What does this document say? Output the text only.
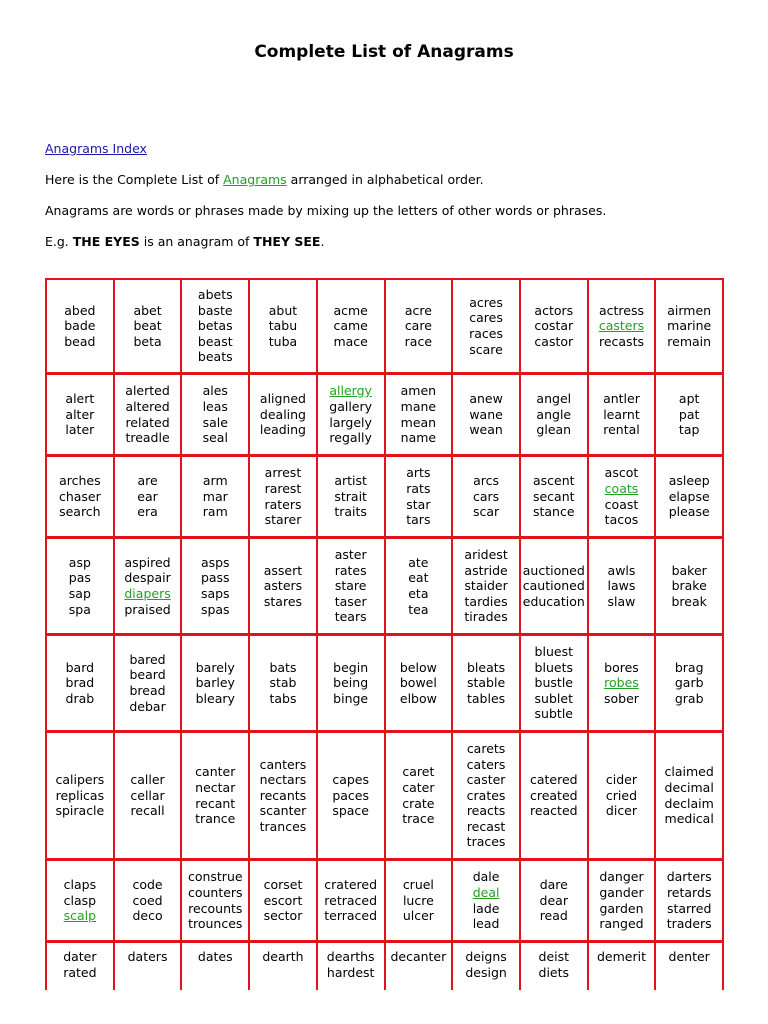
Complete List of Anagrams
Anagrams Index
Here is the Complete List of Anagrams arranged in alphabetical order.
Anagrams are words or phrases made by mixing up the letters of other words or phrases.
E.g. THE EYES is an anagram of THEY SEE.
abed
bade
bead
abet
beat
beta
abets
baste
betas
beast
beats
abut
tabu
tuba
acme
came
mace
acre
care
race
acres
cares
races
scare
actors
costar
castor
actress
casters
recasts
airmen
marine
remain
alert
alter
later
alerted
altered
related
treadle
ales
leas
sale
seal
aligned
dealing
leading
allergy
gallery
largely
regally
amen
mane
mean
name
anew
wane
wean
angel
angle
glean
antler
learnt
rental
apt
pat
tap
arches
chaser
search
are
ear
era
arm
mar
ram
arrest
rarest
raters
starer
artist
strait
traits
arts
rats
star
tars
arcs
cars
scar
ascent
secant
stance
ascot
coats
coast
tacos
asleep
elapse
please
asp
pas
sap
spa
aspired
despair
diapers
praised
asps
pass
saps
spas
assert
asters
stares
aster
rates
stare
taser
tears
ate
eat
eta
tea
aridest
astride
staider
tardies
tirades
auctioned
cautioned
education
awls
laws
slaw
baker
brake
break
bard
brad
drab
bared
beard
bread
debar
barely
barley
bleary
bats
stab
tabs
begin
being
binge
below
bowel
elbow
bleats
stable
tables
bluest
bluets
bustle
sublet
subtle
bores
robes
sober
brag
garb
grab
calipers
replicas
spiracle
caller
cellar
recall
canter
nectar
recant
trance
canters
nectars
recants
scanter
trances
capes
paces
space
caret
cater
crate
trace
carets
caters
caster
crates
reacts
recast
traces
catered
created
reacted
cider
cried
dicer
claimed
decimal
declaim
medical
claps
clasp
scalp
code
coed
deco
construe
counters
recounts
trounces
corset
escort
sector
cratered
retraced
terraced
cruel
lucre
ulcer
dale
deal
lade
lead
dare
dear
read
danger
gander
garden
ranged
darters
retards
starred
traders
dater
rated
daters dates dearth dearths
hardest
decanter deigns
design
deist
diets
demerit denter
